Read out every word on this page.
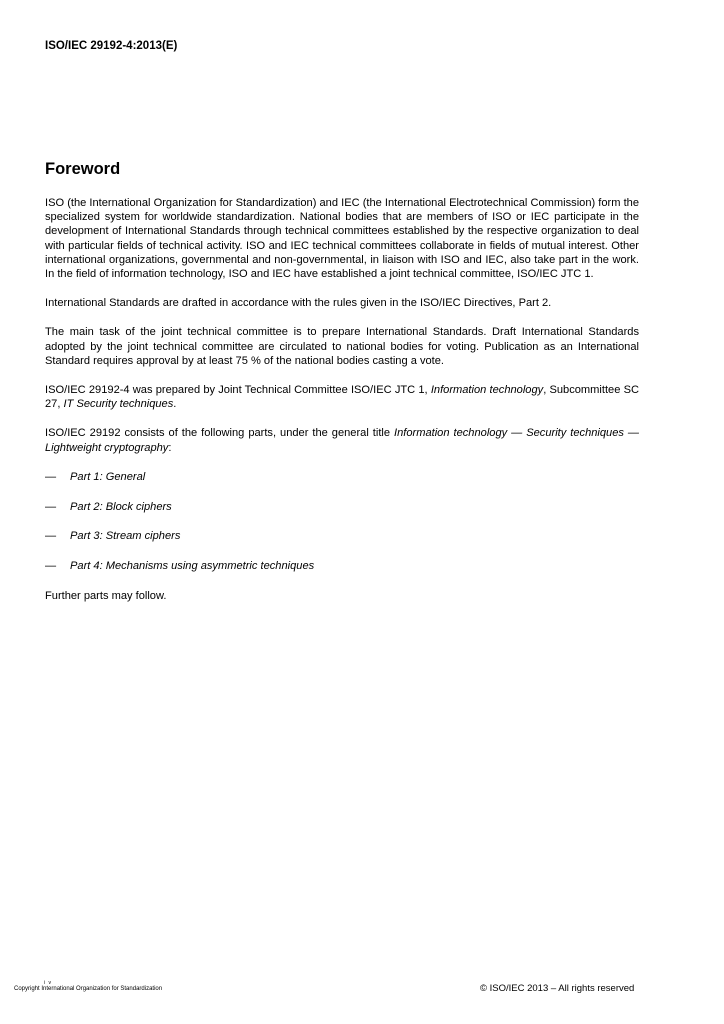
ISO/IEC 29192-4:2013(E)
Foreword

ISO (the International Organization for Standardization) and IEC (the International Electrotechnical Commission) form the specialized system for worldwide standardization. National bodies that are members of ISO or IEC participate in the development of International Standards through technical committees established by the respective organization to deal with particular fields of technical activity. ISO and IEC technical committees collaborate in fields of mutual interest. Other international organizations, governmental and non-governmental, in liaison with ISO and IEC, also take part in the work. In the field of information technology, ISO and IEC have established a joint technical committee, ISO/IEC JTC 1.

International Standards are drafted in accordance with the rules given in the ISO/IEC Directives, Part 2.

The main task of the joint technical committee is to prepare International Standards. Draft International Standards adopted by the joint technical committee are circulated to national bodies for voting. Publication as an International Standard requires approval by at least 75 % of the national bodies casting a vote.

ISO/IEC 29192-4 was prepared by Joint Technical Committee ISO/IEC JTC 1, Information technology, Subcommittee SC 27, IT Security techniques.

ISO/IEC 29192 consists of the following parts, under the general title Information technology — Security techniques — Lightweight cryptography:

— Part 1: General
— Part 2: Block ciphers
— Part 3: Stream ciphers
— Part 4: Mechanisms using asymmetric techniques

Further parts may follow.

i v
Copyright International Organization for Standardization	© ISO/IEC 2013 – All rights reserved
